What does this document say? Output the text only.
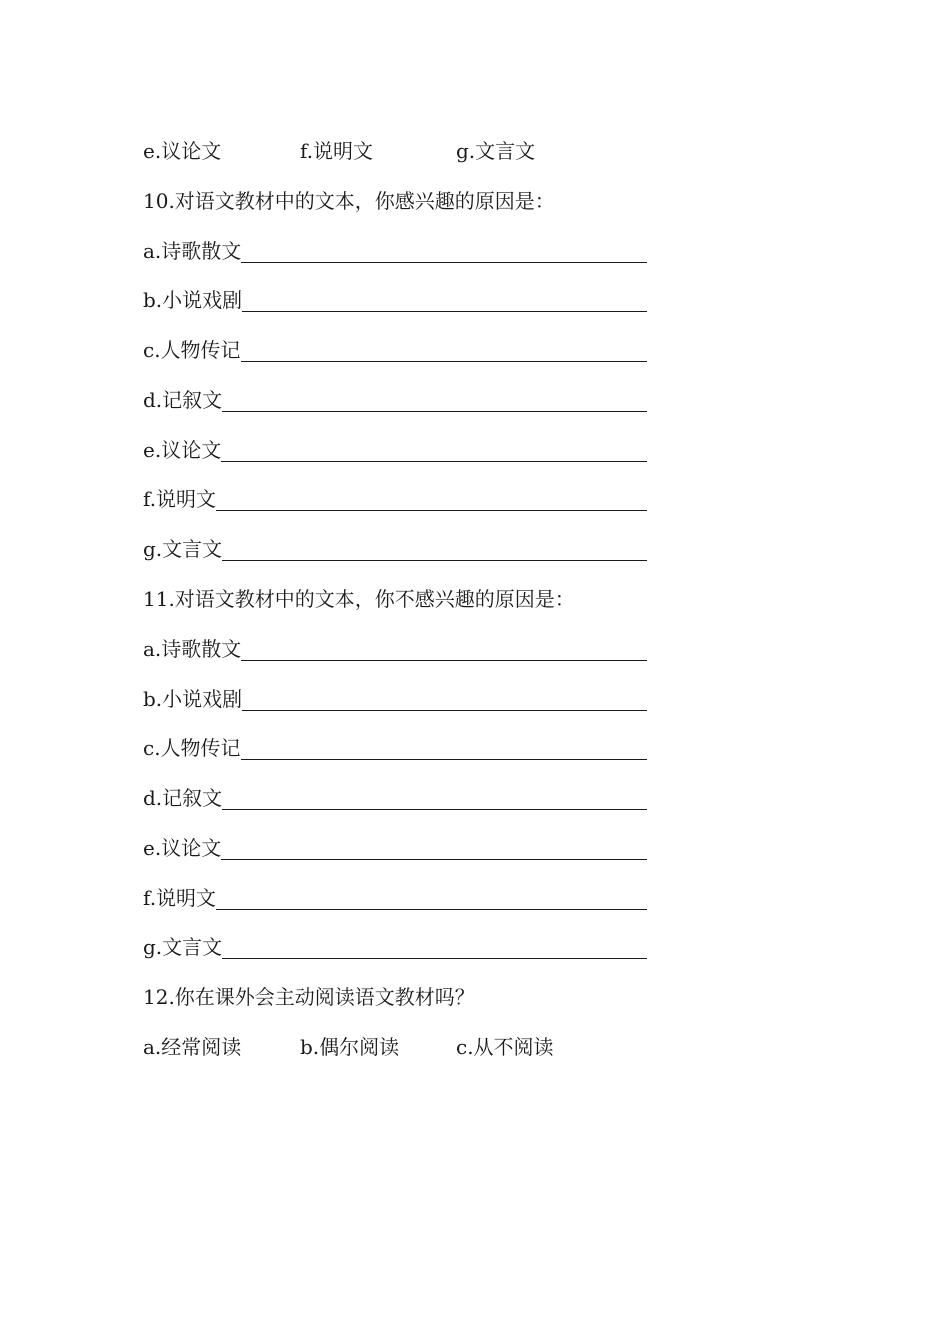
e.议论文	f.说明文	g.文言文
10.对语文教材中的文本，你感兴趣的原因是：
a.诗歌散文
b.小说戏剧
c.人物传记
d.记叙文
e.议论文
f.说明文
g.文言文
11.对语文教材中的文本，你不感兴趣的原因是：
a.诗歌散文
b.小说戏剧
c.人物传记
d.记叙文
e.议论文
f.说明文
g.文言文
12.你在课外会主动阅读语文教材吗？
a.经常阅读	b.偶尔阅读	c.从不阅读
